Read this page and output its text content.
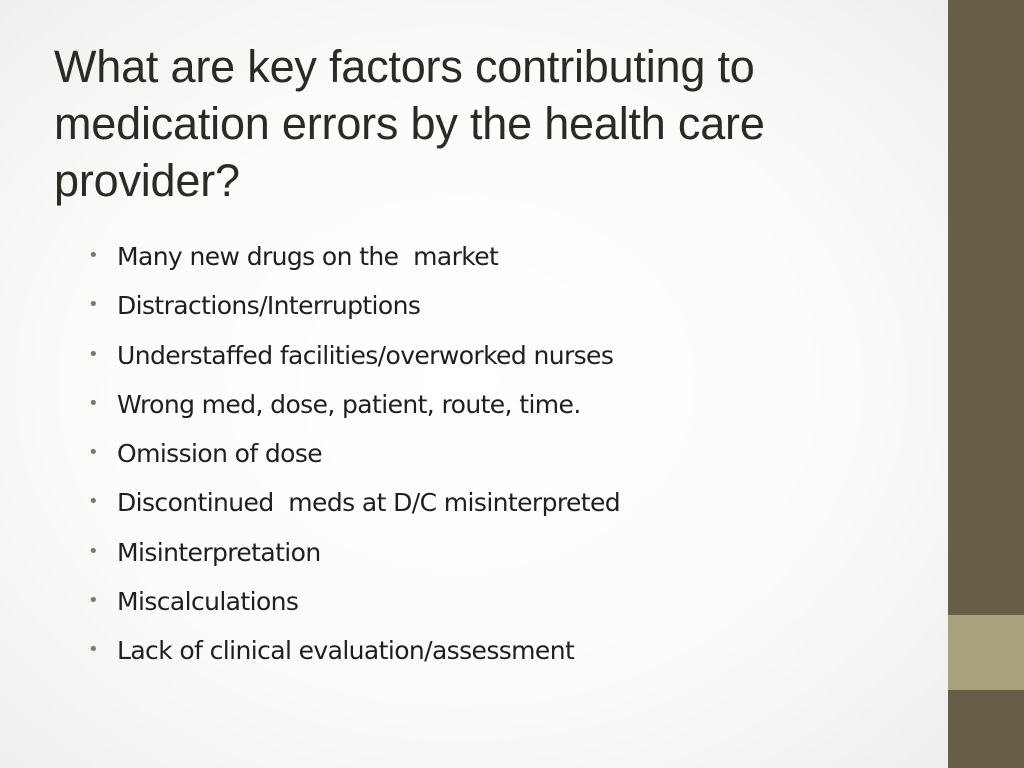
What are key factors contributing to medication errors by the health care provider?
• Many new drugs on the  market
• Distractions/Interruptions
• Understaffed facilities/overworked nurses
• Wrong med, dose, patient, route, time.
• Omission of dose
• Discontinued  meds at D/C misinterpreted
• Misinterpretation
• Miscalculations
• Lack of clinical evaluation/assessment
